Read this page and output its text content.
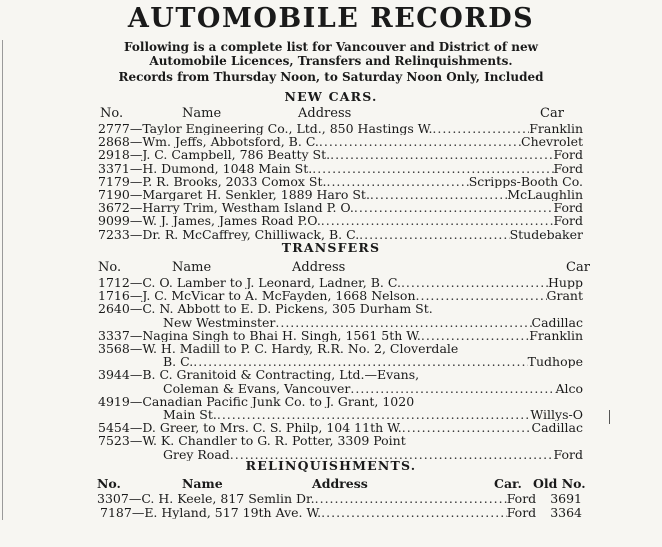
AUTOMOBILE RECORDS
Following is a complete list for Vancouver and District of new
Automobile Licences, Transfers and Relinquishments.
Records from Thursday Noon, to Saturday Noon Only, Included
NEW CARS.
No.	Name	Address	Car
2777 —Taylor Engineering Co., Ltd., 850 Hastings W. .....	Franklin
2868 —Wm. Jeffs, Abbotsford, B. C. .....	Chevrolet
2918 —J. C. Campbell, 786 Beatty St. .....	Ford
3371 —H. Dumond, 1048 Main St. .....	Ford
7179 —P. R. Brooks, 2033 Comox St. .....	Scripps-Booth Co.
7190 —Margaret H. Senkler, 1889 Haro St. .....	McLaughlin
3672 —Harry Trim, Westham Island P. O. .....	Ford
9099 —W. J. James, James Road P.O. .....	Ford
7233 —Dr. R. McCaffrey, Chilliwack, B. C. .....	Studebaker
TRANSFERS
No.	Name	Address	Car
1712 —C. O. Lamber to J. Leonard, Ladner, B. C. .....	Hupp
1716 —J. C. McVicar to A. McFayden, 1668 Nelson .....	Grant
2640 —C. N. Abbott to E. D. Pickens, 305 Durham St.
New Westminster .....	Cadillac
3337 —Nagina Singh to Bhai H. Singh, 1561 5th W. .....	Franklin
3568 —W. H. Madill to P. C. Hardy, R.R. No. 2, Cloverdale
B. C. .....	Tudhope
3944 —B. C. Granitoid & Contracting, Ltd.—Evans,
Coleman & Evans, Vancouver .....	Alco
4919 —Canadian Pacific Junk Co. to J. Grant, 1020
Main St. .....	Willys-O
5454 —D. Greer, to Mrs. C. S. Philp, 104 11th W. .....	Cadillac
7523 —W. K. Chandler to G. R. Potter, 3309 Point
Grey Road .....	Ford
RELINQUISHMENTS.
No.	Name	Address	Car. Old No.
3307 —C. H. Keele, 817 Semlin Dr. .....	Ford	3691
7187 —E. Hyland, 517 19th Ave. W. .....	Ford	3364
